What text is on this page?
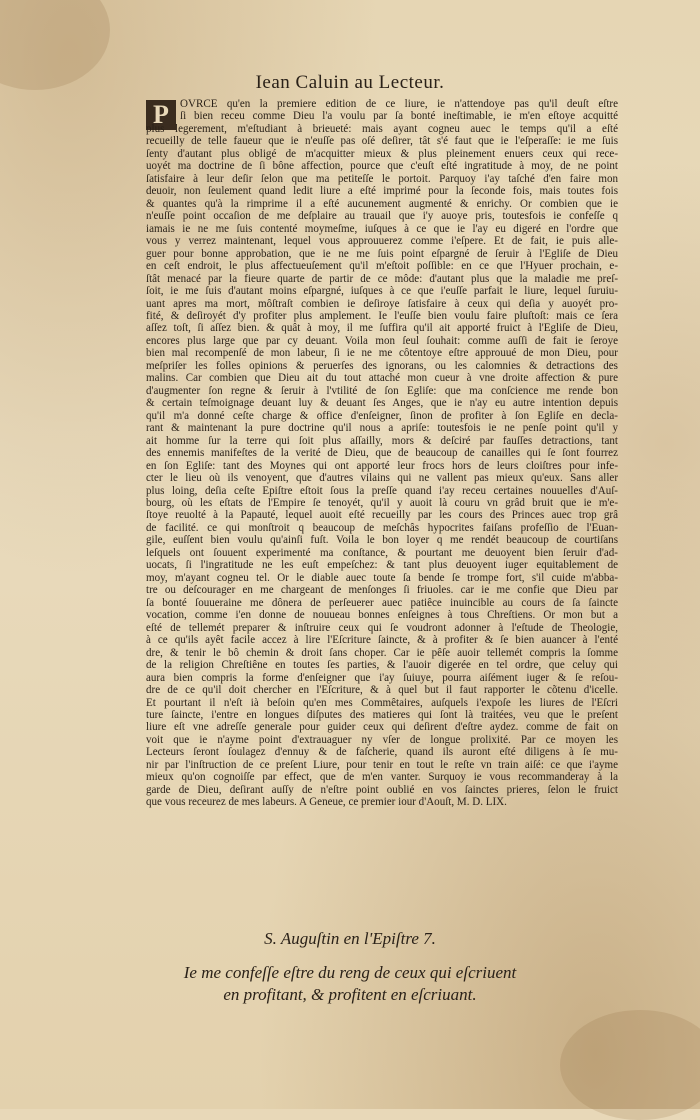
Iean Caluin au Lecteur.
P	OVRCE qu'en la premiere edition de ce liure, ie n'attendoye pas qu'il deuſt eſtre

ſi bien receu comme Dieu l'a voulu par ſa bonté ineſtimable, ie m'en eſtoye acquitté

plus legerement, m'eſtudiant à brieueté: mais ayant cogneu auec le temps qu'il a eſté

recueilly de telle faueur que ie n'euſſe pas oſé deſirer, tât s'é faut que ie l'eſperaſſe: ie me ſuis

ſenty d'autant plus obligé de m'acquitter mieux & plus pleinement enuers ceux qui rece-

uoyét ma doctrine de ſi bône affection, pource que c'euſt eſté ingratitude à moy, de ne point

ſatisfaire à leur deſir ſelon que ma petiteſſe le portoit. Parquoy i'ay taſché d'en faire mon

deuoir, non ſeulement quand ledit liure a eſté imprimé pour la ſeconde fois, mais toutes fois

& quantes qu'à la rimprime il a eſté aucunement augmenté & enrichy. Or combien que ie

n'euſſe point occaſion de me deſplaire au trauail que i'y auoye pris, toutesfois ie confeſſe q

iamais ie ne me ſuis contenté moymeſme, iuſques à ce que ie l'ay eu digeré en l'ordre que

vous y verrez maintenant, lequel vous approuuerez comme i'eſpere. Et de fait, ie puis alle-

guer pour bonne approbation, que ie ne me ſuis point eſpargné de ſeruir à l'Egliſe de Dieu

en ceſt endroit, le plus affectueuſement qu'il m'eſtoit poſſible: en ce que l'Hyuer prochain, e-

ſtât menacé par la fieure quarte de partir de ce môde: d'autant plus que la maladie me preſ-

ſoit, ie me ſuis d'autant moins eſpargné, iuſques à ce que i'euſſe parfait le liure, lequel ſuruiu-

uant apres ma mort, môſtraſt combien ie deſiroye ſatisfaire à ceux qui deſia y auoyét pro-

fité, & deſiroyét d'y profiter plus amplement. Ie l'euſſe bien voulu faire pluſtoſt: mais ce ſera

aſſez toſt, ſi aſſez bien. & quât à moy, il me ſuffira qu'il ait apporté fruict à l'Egliſe de Dieu,

encores plus large que par cy deuant. Voila mon ſeul ſouhait: comme auſſi de fait ie ſeroye

bien mal recompenſé de mon labeur, ſi ie ne me côtentoye eſtre approuué de mon Dieu, pour

meſpriſer les folles opinions & peruerſes des ignorans, ou les calomnies & detractions des

malins. Car combien que Dieu ait du tout attaché mon cueur à vne droite affection & pure

d'augmenter ſon regne & ſeruir à l'vtilité de ſon Egliſe: que ma conſcience me rende bon

& certain teſmoignage deuant luy & deuant ſes Anges, que ie n'ay eu autre intention depuis

qu'il m'a donné ceſte charge & office d'enſeigner, ſinon de profiter à ſon Egliſe en decla-

rant & maintenant la pure doctrine qu'il nous a apriſe: toutesfois ie ne penſe point qu'il y

ait homme ſur la terre qui ſoit plus aſſailly, mors & deſciré par fauſſes detractions, tant

des ennemis manifeſtes de la verité de Dieu, que de beaucoup de canailles qui ſe ſont fourrez

en ſon Egliſe: tant des Moynes qui ont apporté leur frocs hors de leurs cloiſtres pour infe-

cter le lieu où ils venoyent, que d'autres vilains qui ne vallent pas mieux qu'eux. Sans aller

plus loing, deſia ceſte Epiſtre eſtoit ſous la preſſe quand i'ay receu certaines nouuelles d'Auſ-

bourg, où les eſtats de l'Empire ſe tenoyét, qu'il y auoit là couru vn grâd bruit que ie m'e-

ſtoye reuolté à la Papauté, lequel auoit eſté recueilly par les cours des Princes auec trop grâ

de facilité. ce qui monſtroit q beaucoup de meſchâs hypocrites faiſans profeſſio de l'Euan-

gile, euſſent bien voulu qu'ainſi fuſt. Voila le bon loyer q me rendét beaucoup de courtiſans

leſquels ont ſouuent experimenté ma conſtance, & pourtant me deuoyent bien ſeruir d'ad-

uocats, ſi l'ingratitude ne les euſt empeſchez: & tant plus deuoyent iuger equitablement de

moy, m'ayant cogneu tel. Or le diable auec toute ſa bende ſe trompe fort, s'il cuide m'abba-

tre ou deſcourager en me chargeant de menſonges ſi friuoles. car ie me confie que Dieu par

ſa bonté ſouueraine me dônera de perſeuerer auec patiêce inuincible au cours de ſa ſaincte

vocation, comme i'en donne de nouueau bonnes enſeignes à tous Chreſtiens. Or mon but a

eſté de tellemét preparer & inſtruire ceux qui ſe voudront adonner à l'eſtude de Theologie,

à ce qu'ils ayêt facile accez à lire l'Eſcriture ſaincte, & à profiter & ſe bien auancer à l'enté

dre, & tenir le bô chemin & droit ſans choper. Car ie pêſe auoir tellemét compris la ſomme

de la religion Chreſtiêne en toutes ſes parties, & l'auoir digerée en tel ordre, que celuy qui

aura bien compris la forme d'enſeigner que i'ay ſuiuye, pourra aiſément iuger & ſe reſou-

dre de ce qu'il doit chercher en l'Eſcriture, & à quel but il faut rapporter le cõtenu d'icelle.

Et pourtant il n'eſt ià beſoin qu'en mes Commêtaires, auſquels i'expoſe les liures de l'Eſcri

ture ſaincte, i'entre en longues diſputes des matieres qui ſont là traitées, veu que le preſent

liure eſt vne adreſſe generale pour guider ceux qui deſirent d'eſtre aydez. comme de fait on

voit que ie n'ayme point d'extrauaguer ny vſer de longue prolixité. Par ce moyen les

Lecteurs ſeront ſoulagez d'ennuy & de faſcherie, quand ils auront eſté diligens à ſe mu-

nir par l'inſtruction de ce preſent Liure, pour tenir en tout le reſte vn train aiſé: ce que i'ayme

mieux qu'on cognoiſſe par effect, que de m'en vanter. Surquoy ie vous recommanderay à la

garde de Dieu, deſirant auſſy de n'eſtre point oublié en vos ſainctes prieres, ſelon le fruict

que vous receurez de mes labeurs. A Geneue, ce premier iour d'Aouſt, M. D. LIX.

S. Auguſtin en l'Epiſtre 7.
Ie me confeſſe eſtre du reng de ceux qui eſcriuent
en profitant, & profitent en eſcriuant.
